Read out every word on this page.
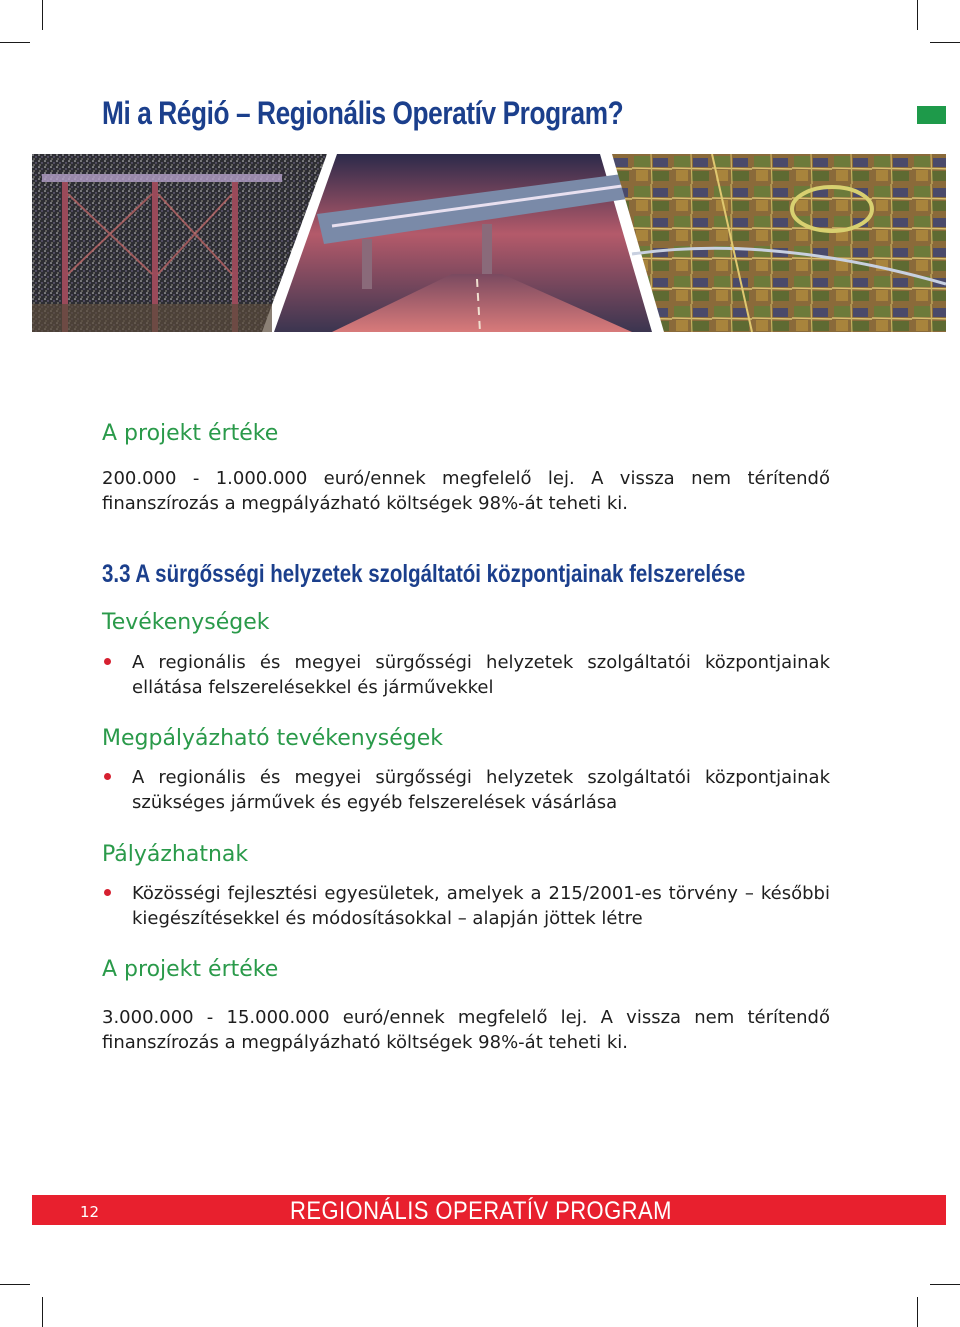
Mi a Régió – Regionális Operatív Program?
A projekt értéke

200.000 - 1.000.000 euró/ennek megfelelő lej. A vissza nem térítendő finanszírozás a megpályázható költségek 98%-át teheti ki.

3.3 A sürgősségi helyzetek szolgáltatói központjainak felszerelése
Tevékenységek

A regionális és megyei sürgősségi helyzetek szolgáltatói központjainak ellátása felszerelésekkel és járművekkel

Megpályázható tevékenységek

A regionális és megyei sürgősségi helyzetek szolgáltatói központjainak szükséges járművek és egyéb felszerelések vásárlása

Pályázhatnak

Közösségi fejlesztési egyesületek, amelyek a 215/2001-es törvény – későbbi kiegészítésekkel és módosításokkal – alapján jöttek létre

A projekt értéke

3.000.000 - 15.000.000 euró/ennek megfelelő lej. A vissza nem térítendő finanszírozás a megpályázható költségek 98%-át teheti ki.

12	REGIONÁLIS OPERATÍV PROGRAM
